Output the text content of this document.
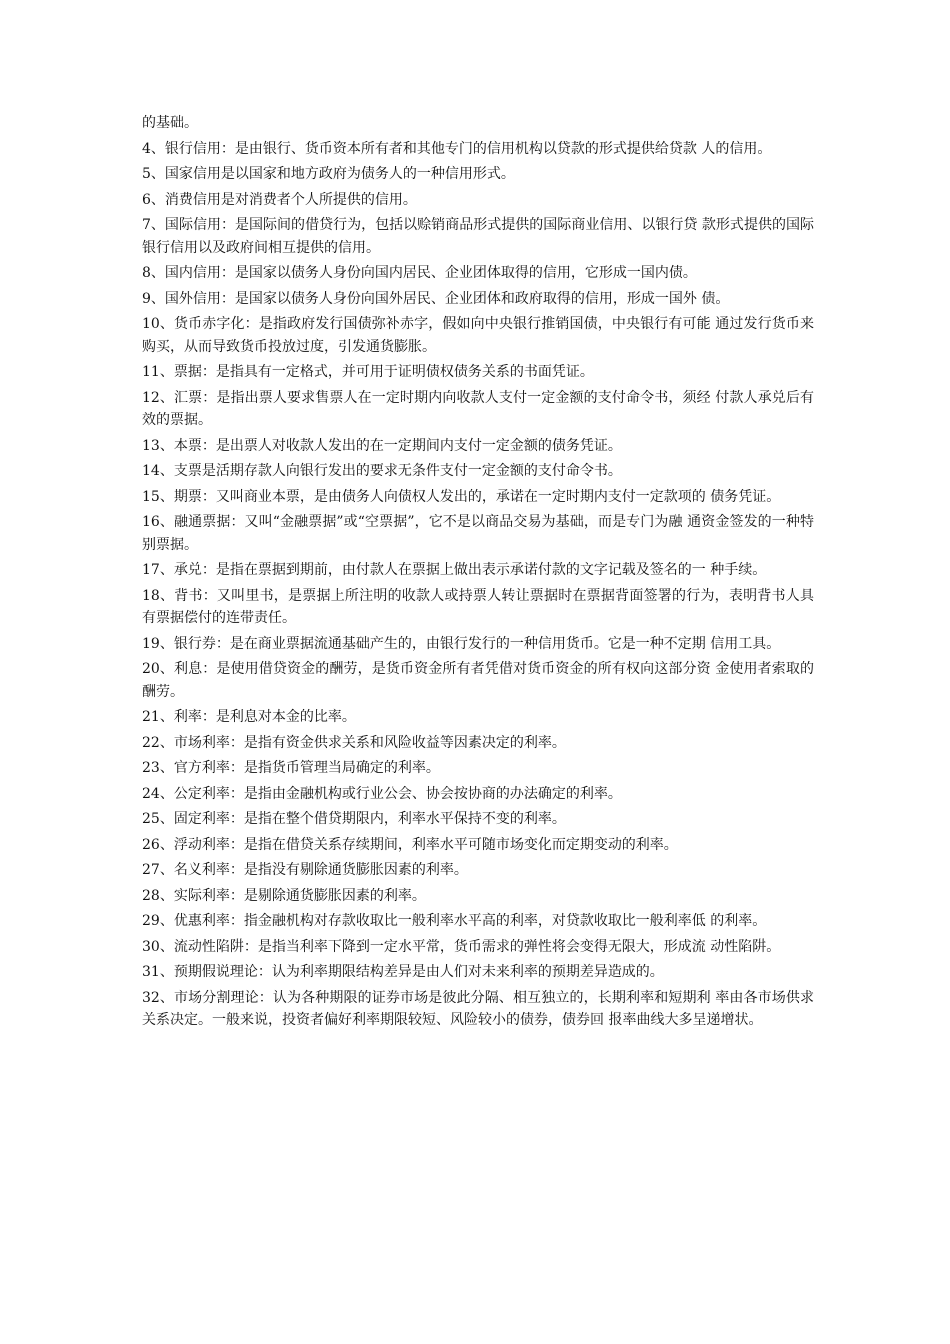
的基础。

4、银行信用：是由银行、货币资本所有者和其他专门的信用机构以贷款的形式提供给贷款 人的信用。

5、国家信用是以国家和地方政府为债务人的一种信用形式。

6、消费信用是对消费者个人所提供的信用。

7、国际信用：是国际间的借贷行为，包括以赊销商品形式提供的国际商业信用、以银行贷 款形式提供的国际银行信用以及政府间相互提供的信用。

8、国内信用：是国家以债务人身份向国内居民、企业团体取得的信用，它形成一国内债。

9、国外信用：是国家以债务人身份向国外居民、企业团体和政府取得的信用，形成一国外 债。

10、货币赤字化：是指政府发行国债弥补赤字，假如向中央银行推销国债，中央银行有可能 通过发行货币来购买，从而导致货币投放过度，引发通货膨胀。

11、票据：是指具有一定格式，并可用于证明债权债务关系的书面凭证。

12、汇票：是指出票人要求售票人在一定时期内向收款人支付一定金额的支付命令书，须经 付款人承兑后有效的票据。

13、本票：是出票人对收款人发出的在一定期间内支付一定金额的债务凭证。

14、支票是活期存款人向银行发出的要求无条件支付一定金额的支付命令书。

15、期票：又叫商业本票，是由债务人向债权人发出的，承诺在一定时期内支付一定款项的 债务凭证。

16、融通票据：又叫“金融票据”或“空票据”，它不是以商品交易为基础，而是专门为融 通资金签发的一种特别票据。

17、承兑：是指在票据到期前，由付款人在票据上做出表示承诺付款的文字记载及签名的一 种手续。

18、背书：又叫里书，是票据上所注明的收款人或持票人转让票据时在票据背面签署的行为，表明背书人具有票据偿付的连带责任。

19、银行券：是在商业票据流通基础产生的，由银行发行的一种信用货币。它是一种不定期 信用工具。

20、利息：是使用借贷资金的酬劳，是货币资金所有者凭借对货币资金的所有权向这部分资 金使用者索取的酬劳。

21、利率：是利息对本金的比率。

22、市场利率：是指有资金供求关系和风险收益等因素决定的利率。

23、官方利率：是指货币管理当局确定的利率。

24、公定利率：是指由金融机构或行业公会、协会按协商的办法确定的利率。

25、固定利率：是指在整个借贷期限内，利率水平保持不变的利率。

26、浮动利率：是指在借贷关系存续期间，利率水平可随市场变化而定期变动的利率。

27、名义利率：是指没有剔除通货膨胀因素的利率。

28、实际利率：是剔除通货膨胀因素的利率。

29、优惠利率：指金融机构对存款收取比一般利率水平高的利率，对贷款收取比一般利率低 的利率。

30、流动性陷阱：是指当利率下降到一定水平常，货币需求的弹性将会变得无限大，形成流 动性陷阱。

31、预期假说理论：认为利率期限结构差异是由人们对未来利率的预期差异造成的。

32、市场分割理论：认为各种期限的证券市场是彼此分隔、相互独立的，长期利率和短期利 率由各市场供求关系决定。一般来说，投资者偏好利率期限较短、风险较小的债券，债券回 报率曲线大多呈递增状。
